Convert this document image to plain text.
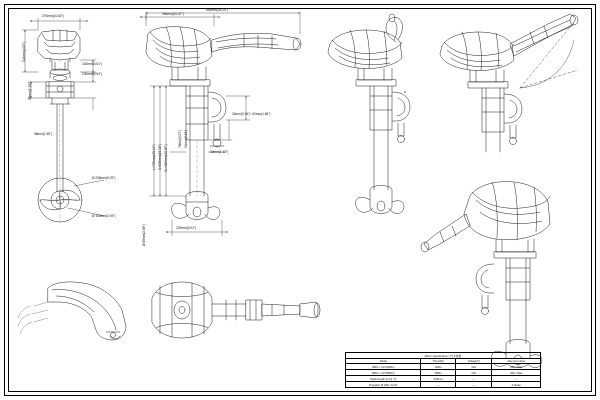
275mm(10.83")
104mm(4.09")
30mm(1.18")
140mm(5.51")
100mm(3.94")
38mm(1.50")
Ø 236mm(9.29")
Ø 100mm(3.94")
895mm(35.24")
266mm(10.47")
L=735mm(28.94") S=635mm(25.00") XL=835mm(32.87")
24mm(0.94")~42mm(1.65")
78mm(3.07") 54mm(2.13")
30mm(1.18")
229mm(9.02")
Ø 68mm(2.68")
α
Motor specification / 技术参数			
Model	Thrust/lbs	Voltage(V)	Max Amp draw
46lbs / 12V(46lbs)	46lbs	12V	32A / Max
55lbs / 12V(55lbs)	55lbs	12V	40A / Max
Shaft length (mm) / S	635mm	—	—
Propeller Ø 236 / 9.29"	—	—	2 blade
